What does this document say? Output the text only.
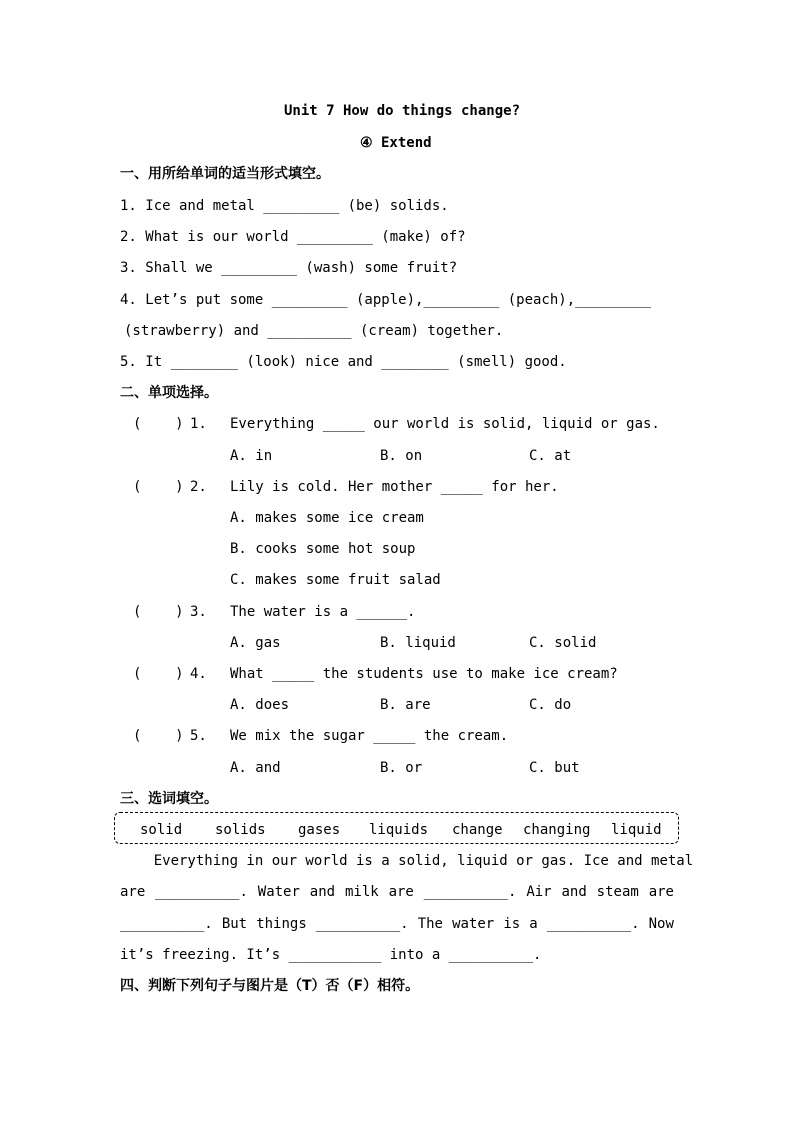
Unit 7 How do things change?
④ Extend
一、用所给单词的适当形式填空。
1. Ice and metal _________ (be) solids.
2. What is our world _________ (make) of?
3. Shall we _________ (wash) some fruit?
4. Let’s put some _________ (apple),_________ (peach),_________
(strawberry) and __________ (cream) together.
5. It ________ (look) nice and ________ (smell) good.
二、单项选择。
(    ) 1. Everything _____ our world is solid, liquid or gas.
A. in	B. on	C. at
(    ) 2. Lily is cold. Her mother _____ for her.
A. makes some ice cream
B. cooks some hot soup
C. makes some fruit salad
(    ) 3. The water is a ______.
A. gas	B. liquid	C. solid
(    ) 4. What _____ the students use to make ice cream?
A. does	B. are	C. do
(    ) 5. We mix the sugar _____ the cream.
A. and	B. or	C. but
三、选词填空。
solid solids gases liquids change changing liquid
Everything in our world is a solid, liquid or gas. Ice and metal
are __________. Water and milk are __________. Air and steam are
__________. But things __________. The water is a __________. Now
it’s freezing. It’s ___________ into a __________.
四、判断下列句子与图片是（T）否（F）相符。
